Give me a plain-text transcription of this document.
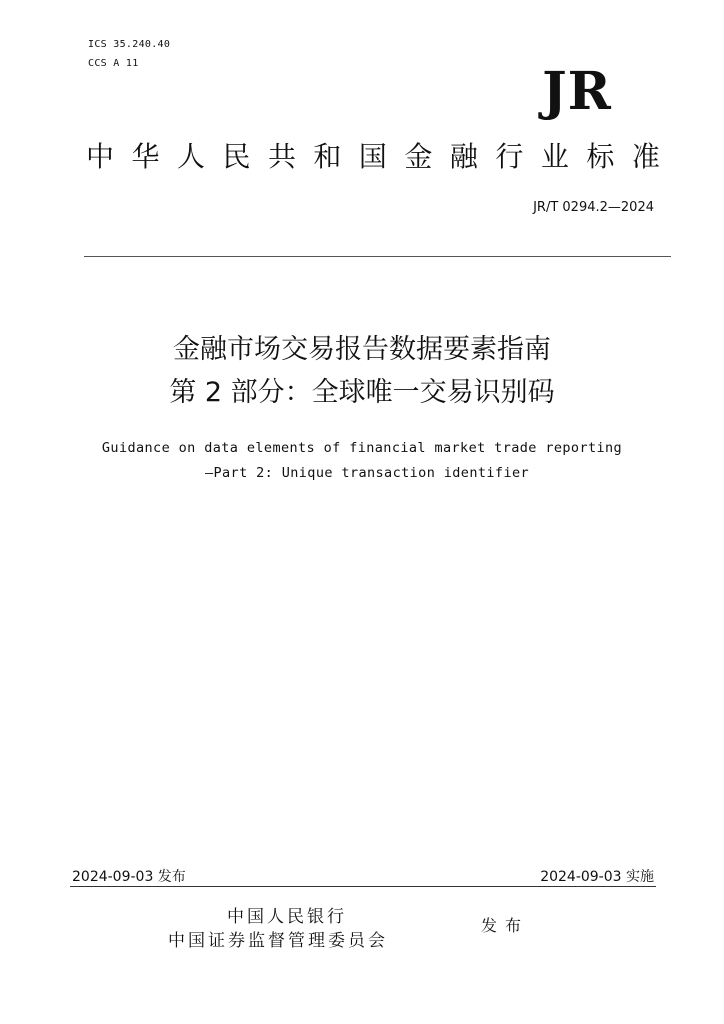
ICS 35.240.40
CCS A 11	JR
中 华 人 民 共 和 国 金 融 行 业 标 准
JR/T 0294.2—2024
金融市场交易报告数据要素指南
第 2 部分：全球唯一交易识别码
Guidance on data elements of financial market trade reporting
—Part 2: Unique transaction identifier
2024-09-03 发布	2024-09-03 实施
中国人民银行
中国证券监督管理委员会
发布
